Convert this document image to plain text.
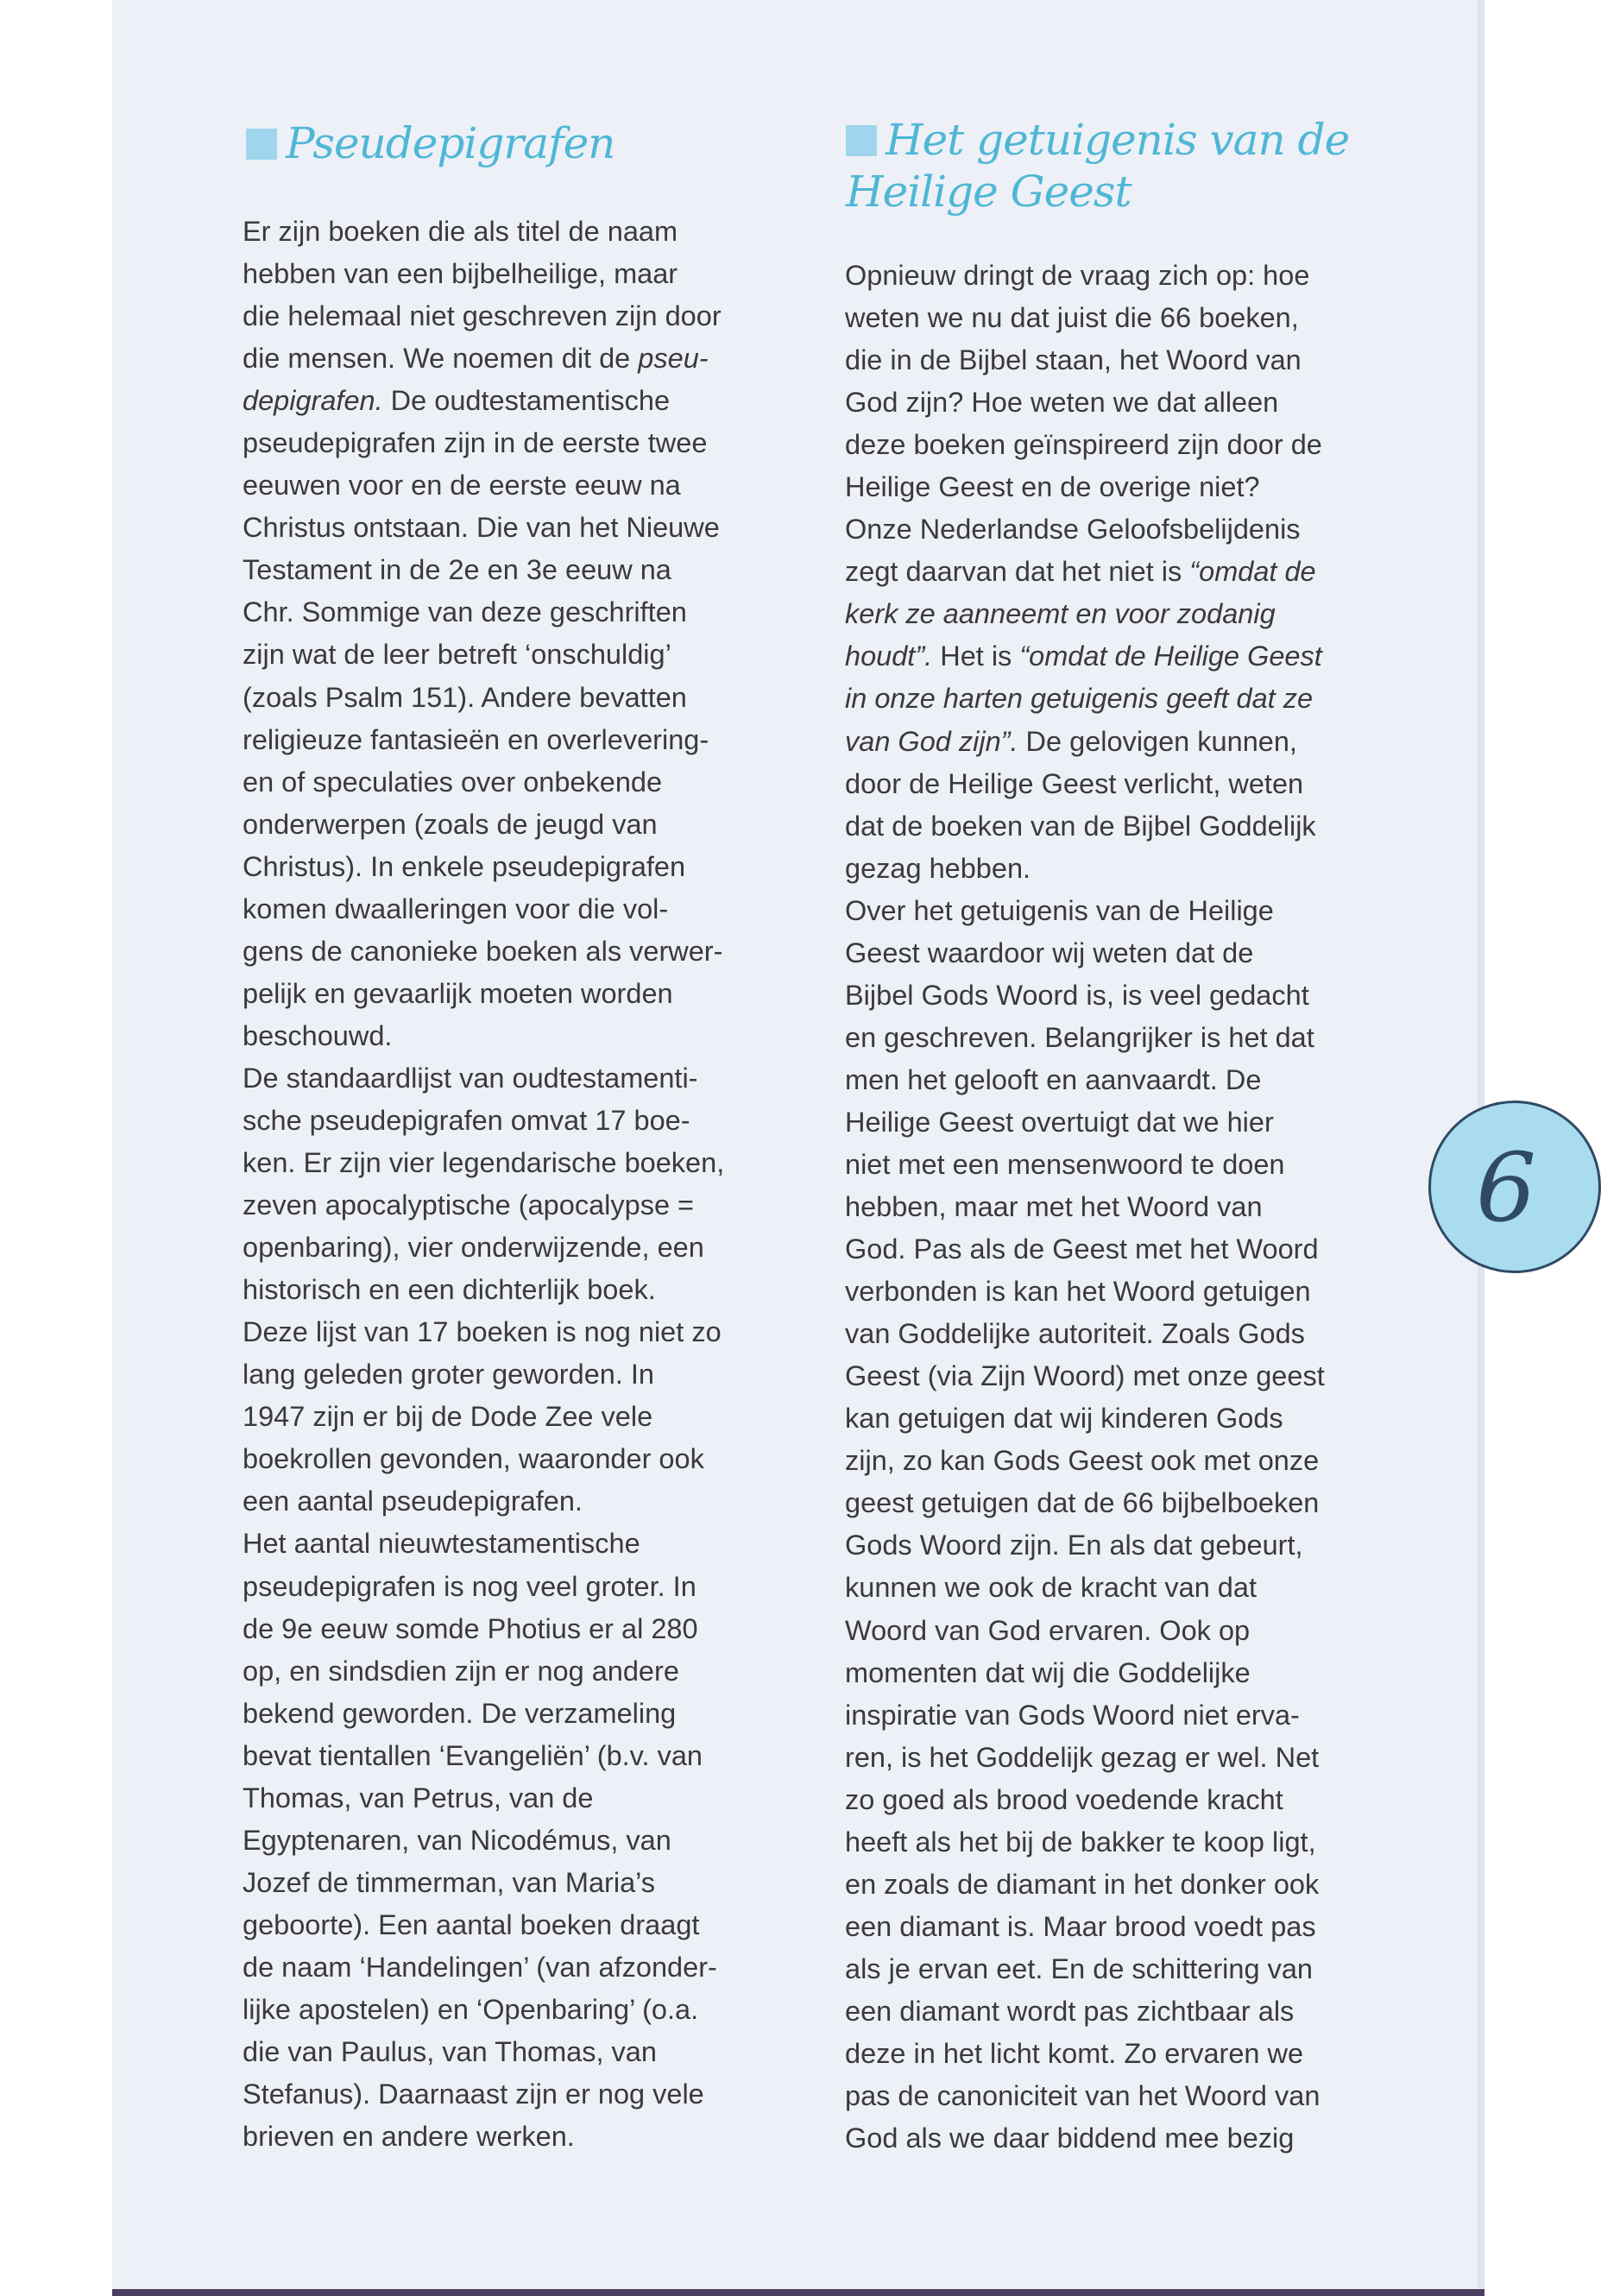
Pseudepigrafen	Het getuigenis van de
Heilige Geest
Er zijn boeken die als titel de naam
hebben van een bijbelheilige, maar
die helemaal niet geschreven zijn door
die mensen. We noemen dit de pseu-
depigrafen. De oudtestamentische
pseudepigrafen zijn in de eerste twee
eeuwen voor en de eerste eeuw na
Christus ontstaan. Die van het Nieuwe
Testament in de 2e en 3e eeuw na
Chr. Sommige van deze geschriften
zijn wat de leer betreft ‘onschuldig’
(zoals Psalm 151). Andere bevatten
religieuze fantasieën en overlevering-
en of speculaties over onbekende
onderwerpen (zoals de jeugd van
Christus). In enkele pseudepigrafen
komen dwaalleringen voor die vol-
gens de canonieke boeken als verwer-
pelijk en gevaarlijk moeten worden
beschouwd.
De standaardlijst van oudtestamenti-
sche pseudepigrafen omvat 17 boe-
ken. Er zijn vier legendarische boeken,
zeven apocalyptische (apocalypse =
openbaring), vier onderwijzende, een
historisch en een dichterlijk boek.
Deze lijst van 17 boeken is nog niet zo
lang geleden groter geworden. In
1947 zijn er bij de Dode Zee vele
boekrollen gevonden, waaronder ook
een aantal pseudepigrafen.
Het aantal nieuwtestamentische
pseudepigrafen is nog veel groter. In
de 9e eeuw somde Photius er al 280
op, en sindsdien zijn er nog andere
bekend geworden. De verzameling
bevat tientallen ‘Evangeliën’ (b.v. van
Thomas, van Petrus, van de
Egyptenaren, van Nicodémus, van
Jozef de timmerman, van Maria’s
geboorte). Een aantal boeken draagt
de naam ‘Handelingen’ (van afzonder-
lijke apostelen) en ‘Openbaring’ (o.a.
die van Paulus, van Thomas, van
Stefanus). Daarnaast zijn er nog vele
brieven en andere werken.
Opnieuw dringt de vraag zich op: hoe
weten we nu dat juist die 66 boeken,
die in de Bijbel staan, het Woord van
God zijn? Hoe weten we dat alleen
deze boeken geïnspireerd zijn door de
Heilige Geest en de overige niet?
Onze Nederlandse Geloofsbelijdenis
zegt daarvan dat het niet is “omdat de
kerk ze aanneemt en voor zodanig
houdt”. Het is “omdat de Heilige Geest
in onze harten getuigenis geeft dat ze
van God zijn”. De gelovigen kunnen,
door de Heilige Geest verlicht, weten
dat de boeken van de Bijbel Goddelijk
gezag hebben.
Over het getuigenis van de Heilige
Geest waardoor wij weten dat de
Bijbel Gods Woord is, is veel gedacht
en geschreven. Belangrijker is het dat
men het gelooft en aanvaardt. De
Heilige Geest overtuigt dat we hier
niet met een mensenwoord te doen
hebben, maar met het Woord van
God. Pas als de Geest met het Woord
verbonden is kan het Woord getuigen
van Goddelijke autoriteit. Zoals Gods
Geest (via Zijn Woord) met onze geest
kan getuigen dat wij kinderen Gods
zijn, zo kan Gods Geest ook met onze
geest getuigen dat de 66 bijbelboeken
Gods Woord zijn. En als dat gebeurt,
kunnen we ook de kracht van dat
Woord van God ervaren. Ook op
momenten dat wij die Goddelijke
inspiratie van Gods Woord niet erva-
ren, is het Goddelijk gezag er wel. Net
zo goed als brood voedende kracht
heeft als het bij de bakker te koop ligt,
en zoals de diamant in het donker ook
een diamant is. Maar brood voedt pas
als je ervan eet. En de schittering van
een diamant wordt pas zichtbaar als
deze in het licht komt. Zo ervaren we
pas de canoniciteit van het Woord van
God als we daar biddend mee bezig
6
